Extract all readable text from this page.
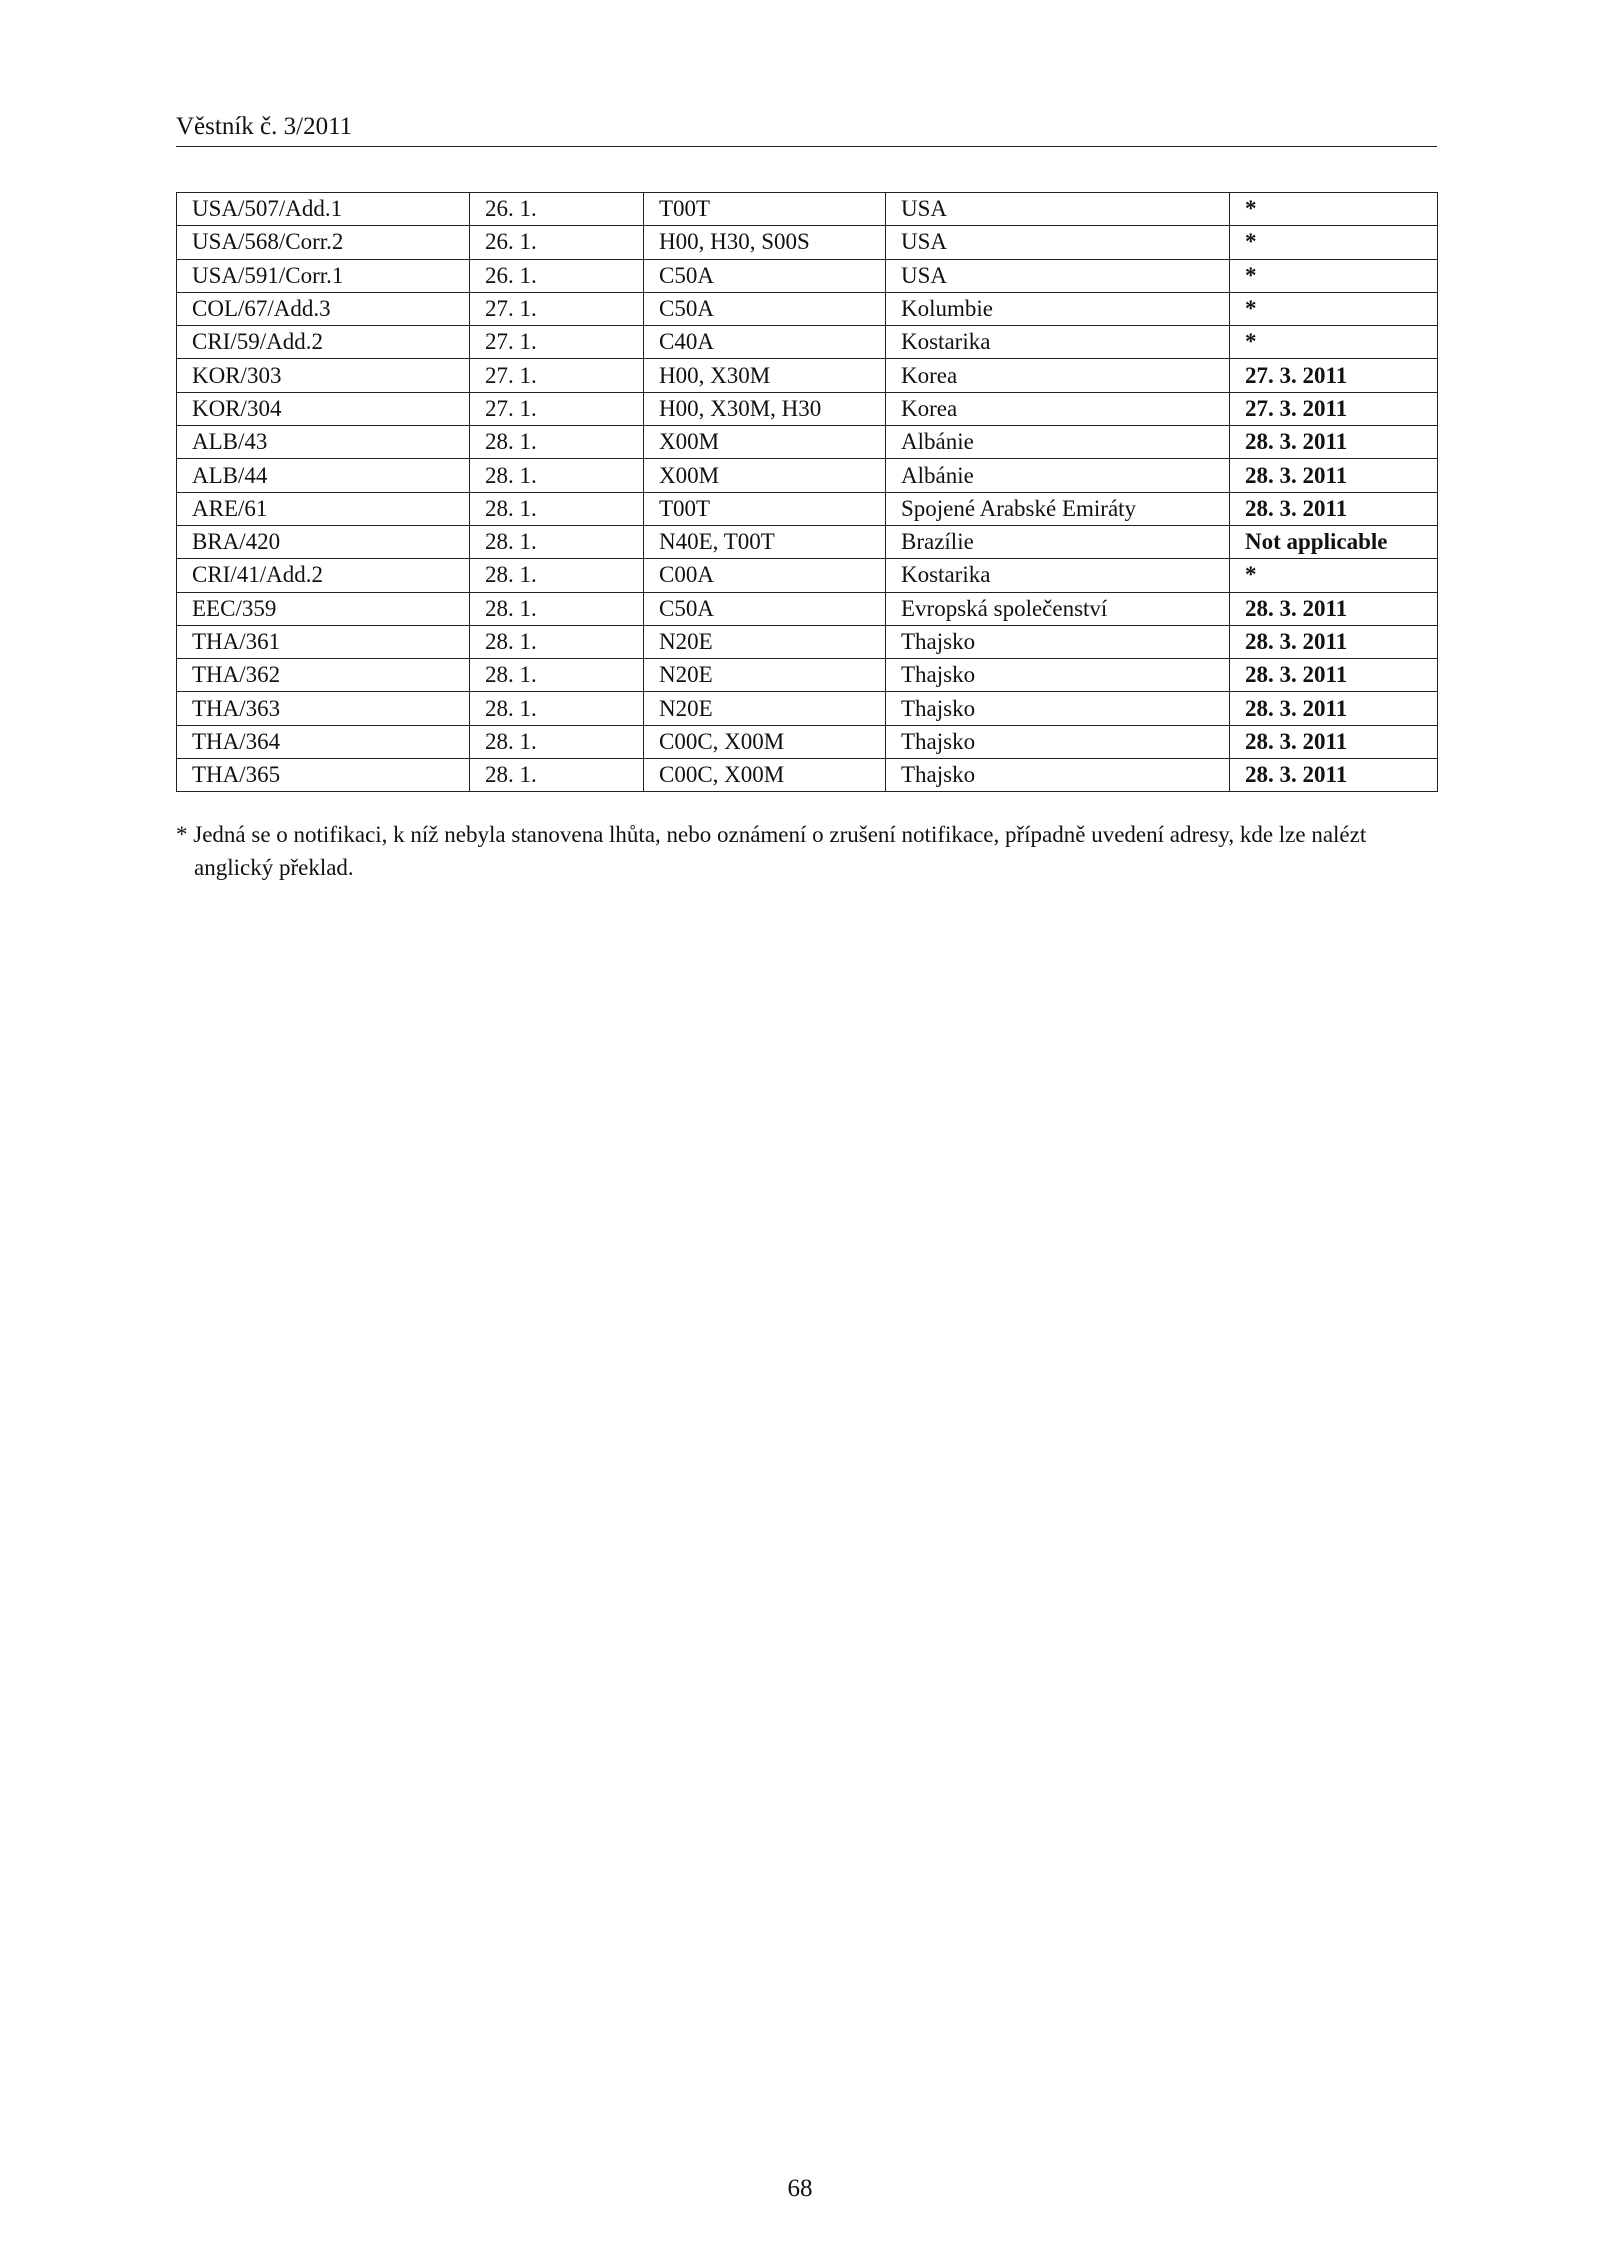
Věstník č. 3/2011
USA/507/Add.1	26. 1.	T00T	USA	*
USA/568/Corr.2	26. 1.	H00, H30, S00S	USA	*
USA/591/Corr.1	26. 1.	C50A	USA	*
COL/67/Add.3	27. 1.	C50A	Kolumbie	*
CRI/59/Add.2	27. 1.	C40A	Kostarika	*
KOR/303	27. 1.	H00, X30M	Korea	27. 3. 2011
KOR/304	27. 1.	H00, X30M, H30	Korea	27. 3. 2011
ALB/43	28. 1.	X00M	Albánie	28. 3. 2011
ALB/44	28. 1.	X00M	Albánie	28. 3. 2011
ARE/61	28. 1.	T00T	Spojené Arabské Emiráty	28. 3. 2011
BRA/420	28. 1.	N40E, T00T	Brazílie	Not applicable
CRI/41/Add.2	28. 1.	C00A	Kostarika	*
EEC/359	28. 1.	C50A	Evropská společenství	28. 3. 2011
THA/361	28. 1.	N20E	Thajsko	28. 3. 2011
THA/362	28. 1.	N20E	Thajsko	28. 3. 2011
THA/363	28. 1.	N20E	Thajsko	28. 3. 2011
THA/364	28. 1.	C00C, X00M	Thajsko	28. 3. 2011
THA/365	28. 1.	C00C, X00M	Thajsko	28. 3. 2011
* Jedná se o notifikaci, k níž nebyla stanovena lhůta, nebo oznámení o zrušení notifikace, případně uvedení adresy, kde lze nalézt
anglický překlad.
68
